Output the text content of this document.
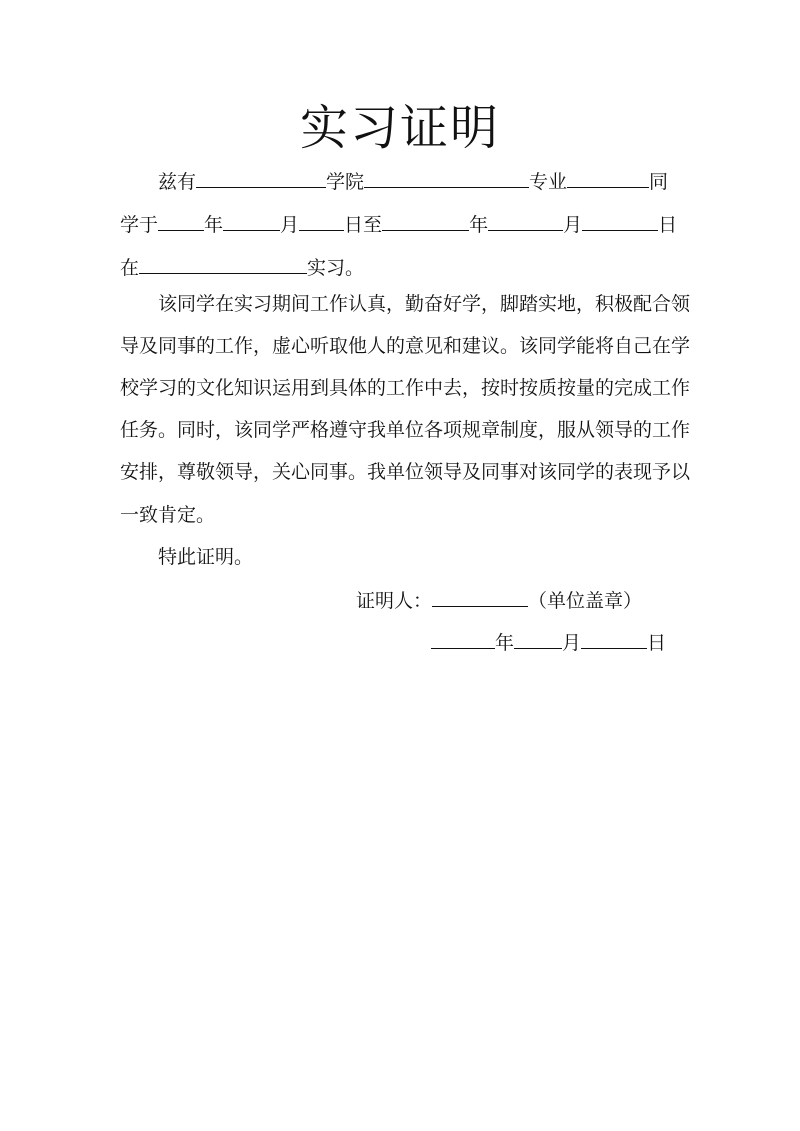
实习证明
兹有	学院	专业	同
学于 年	月 日至	年	月	日
在	实习。
该同学在实习期间工作认真，勤奋好学，脚踏实地，积极配合领
导及同事的工作，虚心听取他人的意见和建议。该同学能将自己在学
校学习的文化知识运用到具体的工作中去，按时按质按量的完成工作
任务。同时，该同学严格遵守我单位各项规章制度，服从领导的工作
安排，尊敬领导，关心同事。我单位领导及同事对该同学的表现予以
一致肯定。
特此证明。
证明人：	（单位盖章）
年	月	日
